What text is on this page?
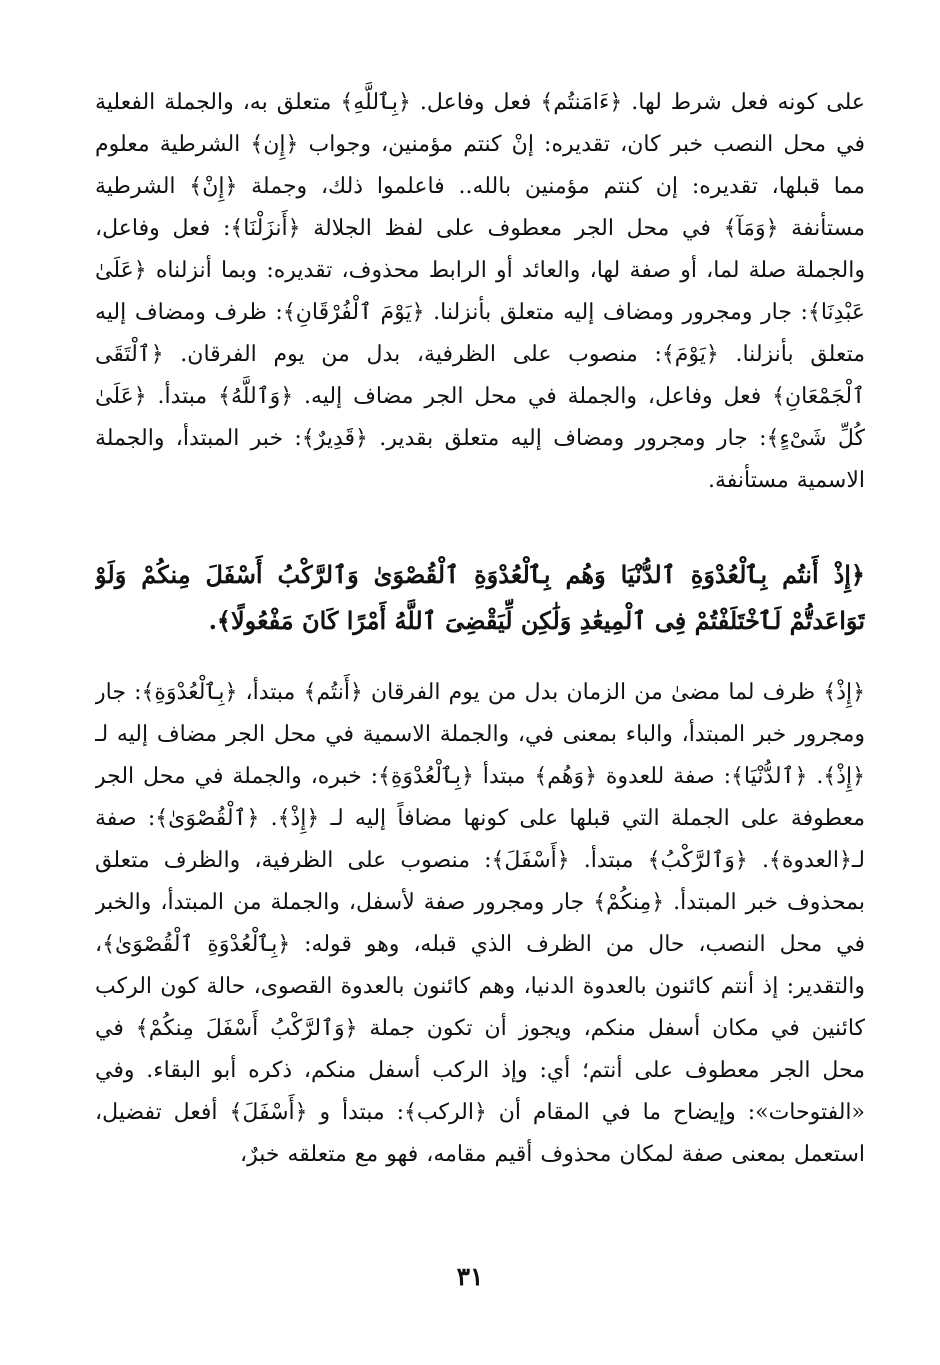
على كونه فعل شرط لها. ﴿ءَامَنتُم﴾ فعل وفاعل. ﴿بِٱللَّهِ﴾ متعلق به، والجملة الفعلية في محل النصب خبر كان، تقديره: إنْ كنتم مؤمنين، وجواب ﴿إِن﴾ الشرطية معلوم مما قبلها، تقديره: إن كنتم مؤمنين بالله.. فاعلموا ذلك، وجملة ﴿إِنْ﴾ الشرطية مستأنفة ﴿وَمَآ﴾ في محل الجر معطوف على لفظ الجلالة ﴿أَنزَلْنَا﴾: فعل وفاعل، والجملة صلة لما، أو صفة لها، والعائد أو الرابط محذوف، تقديره: وبما أنزلناه ﴿عَلَىٰ عَبْدِنَا﴾: جار ومجرور ومضاف إليه متعلق بأنزلنا. ﴿يَوْمَ ٱلْفُرْقَانِ﴾: ظرف ومضاف إليه متعلق بأنزلنا. ﴿يَوْمَ﴾: منصوب على الظرفية، بدل من يوم الفرقان. ﴿ٱلْتَقَى ٱلْجَمْعَانِ﴾ فعل وفاعل، والجملة في محل الجر مضاف إليه. ﴿وَٱللَّهُ﴾ مبتدأ. ﴿عَلَىٰ كُلِّ شَىْءٍ﴾: جار ومجرور ومضاف إليه متعلق بقدير. ﴿قَدِيرٌ﴾: خبر المبتدأ، والجملة الاسمية مستأنفة.

﴿إِذْ أَنتُم بِٱلْعُدْوَةِ ٱلدُّنْيَا وَهُم بِٱلْعُدْوَةِ ٱلْقُصْوَىٰ وَٱلرَّكْبُ أَسْفَلَ مِنكُمْ وَلَوْ تَوَاعَدتُّمْ لَٱخْتَلَفْتُمْ فِى ٱلْمِيعَٰدِ وَلَٰكِن لِّيَقْضِىَ ٱللَّهُ أَمْرًا كَانَ مَفْعُولًا﴾.

﴿إِذْ﴾ ظرف لما مضىٰ من الزمان بدل من يوم الفرقان ﴿أَنتُم﴾ مبتدأ، ﴿بِٱلْعُدْوَةِ﴾: جار ومجرور خبر المبتدأ، والباء بمعنى في، والجملة الاسمية في محل الجر مضاف إليه لـ ﴿إِذْ﴾. ﴿ٱلدُّنْيَا﴾: صفة للعدوة ﴿وَهُم﴾ مبتدأ ﴿بِٱلْعُدْوَةِ﴾: خبره، والجملة في محل الجر معطوفة على الجملة التي قبلها على كونها مضافاً إليه لـ ﴿إِذْ﴾. ﴿ٱلْقُصْوَىٰ﴾: صفة لـ﴿العدوة﴾. ﴿وَٱلرَّكْبُ﴾ مبتدأ. ﴿أَسْفَلَ﴾: منصوب على الظرفية، والظرف متعلق بمحذوف خبر المبتدأ. ﴿مِنكُمْ﴾ جار ومجرور صفة لأسفل، والجملة من المبتدأ، والخبر في محل النصب، حال من الظرف الذي قبله، وهو قوله: ﴿بِٱلْعُدْوَةِ ٱلْقُصْوَىٰ﴾، والتقدير: إذ أنتم كائنون بالعدوة الدنيا، وهم كائنون بالعدوة القصوى، حالة كون الركب كائنين في مكان أسفل منكم، ويجوز أن تكون جملة ﴿وَٱلرَّكْبُ أَسْفَلَ مِنكُمْ﴾ في محل الجر معطوف على أنتم؛ أي: وإذ الركب أسفل منكم، ذكره أبو البقاء. وفي «الفتوحات»: وإيضاح ما في المقام أن ﴿الركب﴾: مبتدأ و ﴿أَسْفَلَ﴾ أفعل تفضيل، استعمل بمعنى صفة لمكان محذوف أقيم مقامه، فهو مع متعلقه خبرٌ،

٣١
